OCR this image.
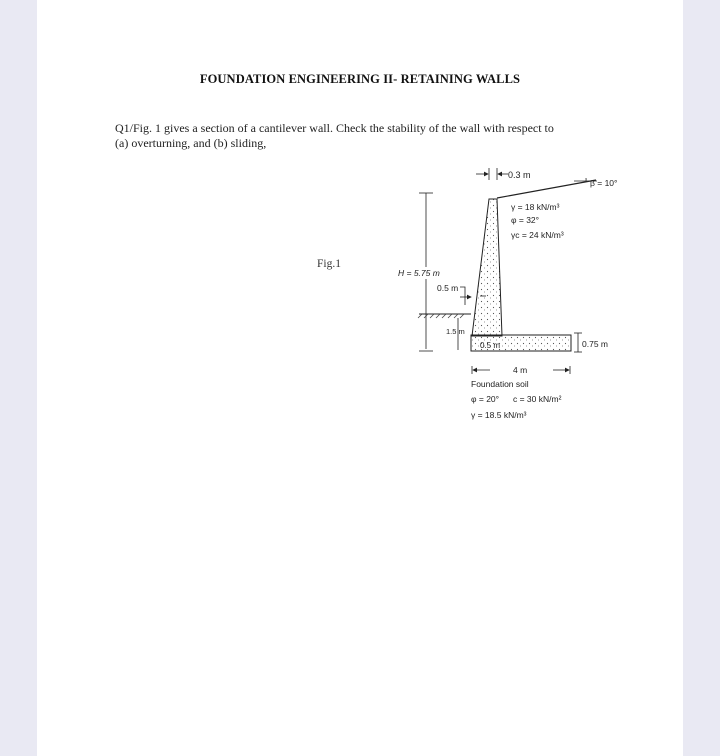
FOUNDATION ENGINEERING II- RETAINING WALLS
Q1/Fig. 1 gives a section of a cantilever wall. Check the stability of the wall with respect to
(a) overturning, and (b) sliding,
Fig.1
0.3 m
β = 10°
γ = 18 kN/m³
φ = 32°
γc = 24 kN/m³
H = 5.75 m
0.5 m
1.5 m
0.5 m	0.75 m
4 m
Foundation soil
φ = 20° c = 30 kN/m²
γ = 18.5 kN/m³
